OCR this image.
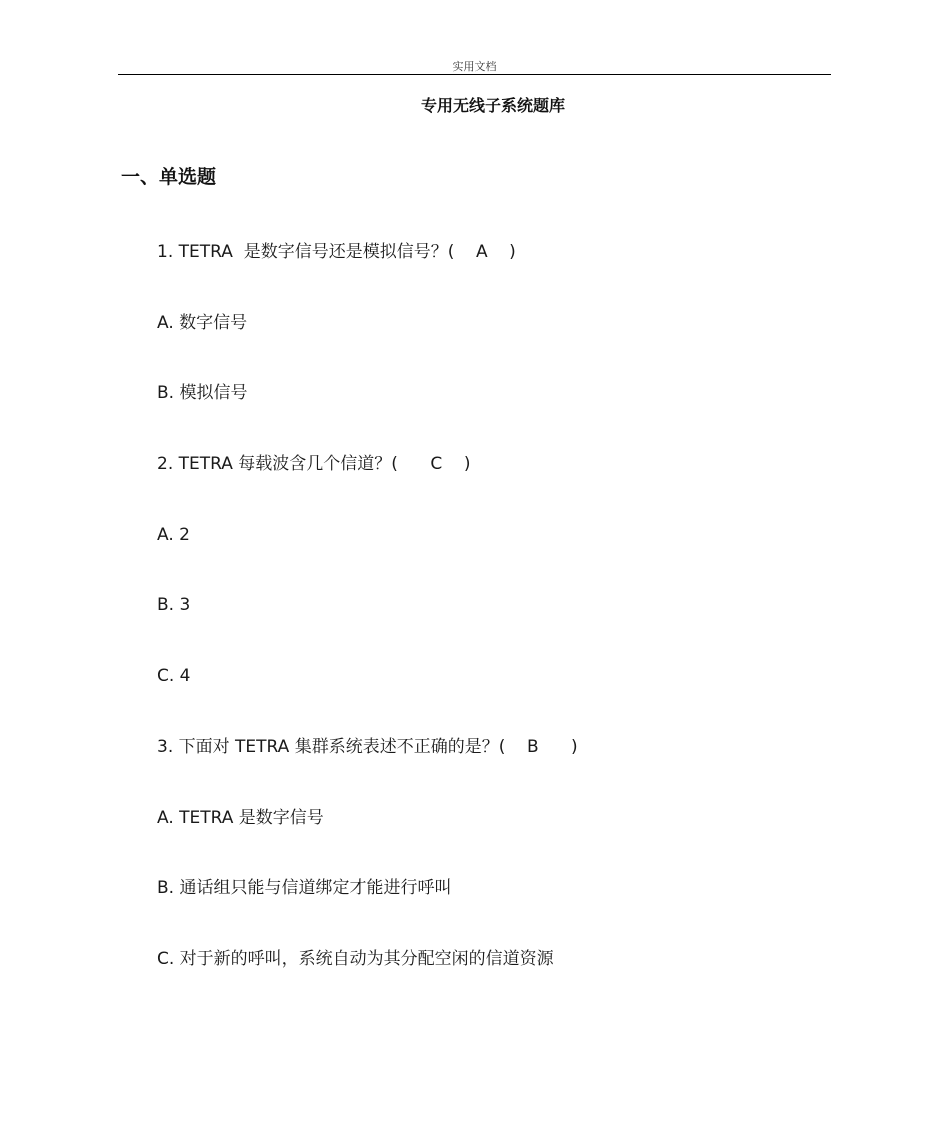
实用文档
专用无线子系统题库
一、单选题
1. TETRA  是数字信号还是模拟信号？(    A    )
A. 数字信号
B. 模拟信号
2. TETRA 每载波含几个信道？(      C    )
A. 2
B. 3
C. 4
3. 下面对 TETRA 集群系统表述不正确的是？(    B      )
A. TETRA 是数字信号
B. 通话组只能与信道绑定才能进行呼叫
C. 对于新的呼叫，系统自动为其分配空闲的信道资源
